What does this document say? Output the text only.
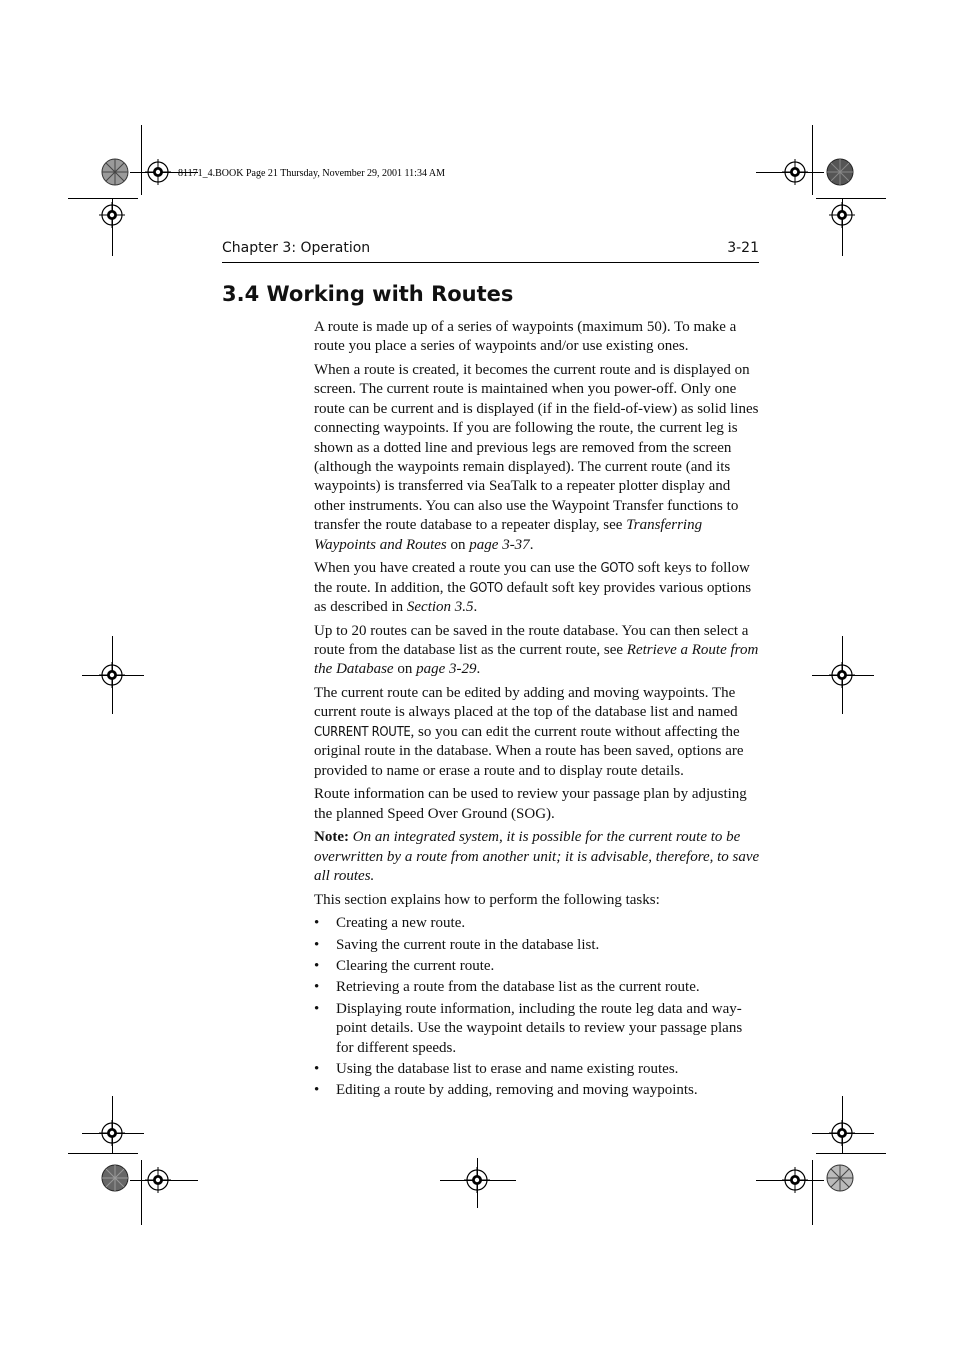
81171_4.BOOK Page 21 Thursday, November 29, 2001 11:34 AM
Chapter 3: Operation	3-21
3.4 Working with Routes

A route is made up of a series of waypoints (maximum 50). To make a route you place a series of waypoints and/or use existing ones.

When a route is created, it becomes the current route and is displayed on screen. The current route is maintained when you power-off. Only one route can be current and is displayed (if in the field-of-view) as solid lines connecting waypoints. If you are following the route, the current leg is shown as a dotted line and previous legs are removed from the screen (although the waypoints remain displayed). The current route (and its waypoints) is transferred via SeaTalk to a repeater plotter display and other instruments. You can also use the Waypoint Transfer functions to transfer the route database to a repeater display, see Transferring Waypoints and Routes on page 3-37.

When you have created a route you can use the GOTO soft keys to follow the route. In addition, the GOTO default soft key provides various options as described in Section 3.5.

Up to 20 routes can be saved in the route database. You can then select a route from the database list as the current route, see Retrieve a Route from the Database on page 3-29.

The current route can be edited by adding and moving waypoints. The current route is always placed at the top of the database list and named CURRENT ROUTE, so you can edit the current route without affecting the original route in the database. When a route has been saved, options are provided to name or erase a route and to display route details.

Route information can be used to review your passage plan by adjusting the planned Speed Over Ground (SOG).

Note: On an integrated system, it is possible for the current route to be overwritten by a route from another unit; it is advisable, therefore, to save all routes.

This section explains how to perform the following tasks:

• Creating a new route.
• Saving the current route in the database list.
• Clearing the current route.
• Retrieving a route from the database list as the current route.
• Displaying route information, including the route leg data and way-point details. Use the waypoint details to review your passage plans for different speeds.
• Using the database list to erase and name existing routes.
• Editing a route by adding, removing and moving waypoints.
